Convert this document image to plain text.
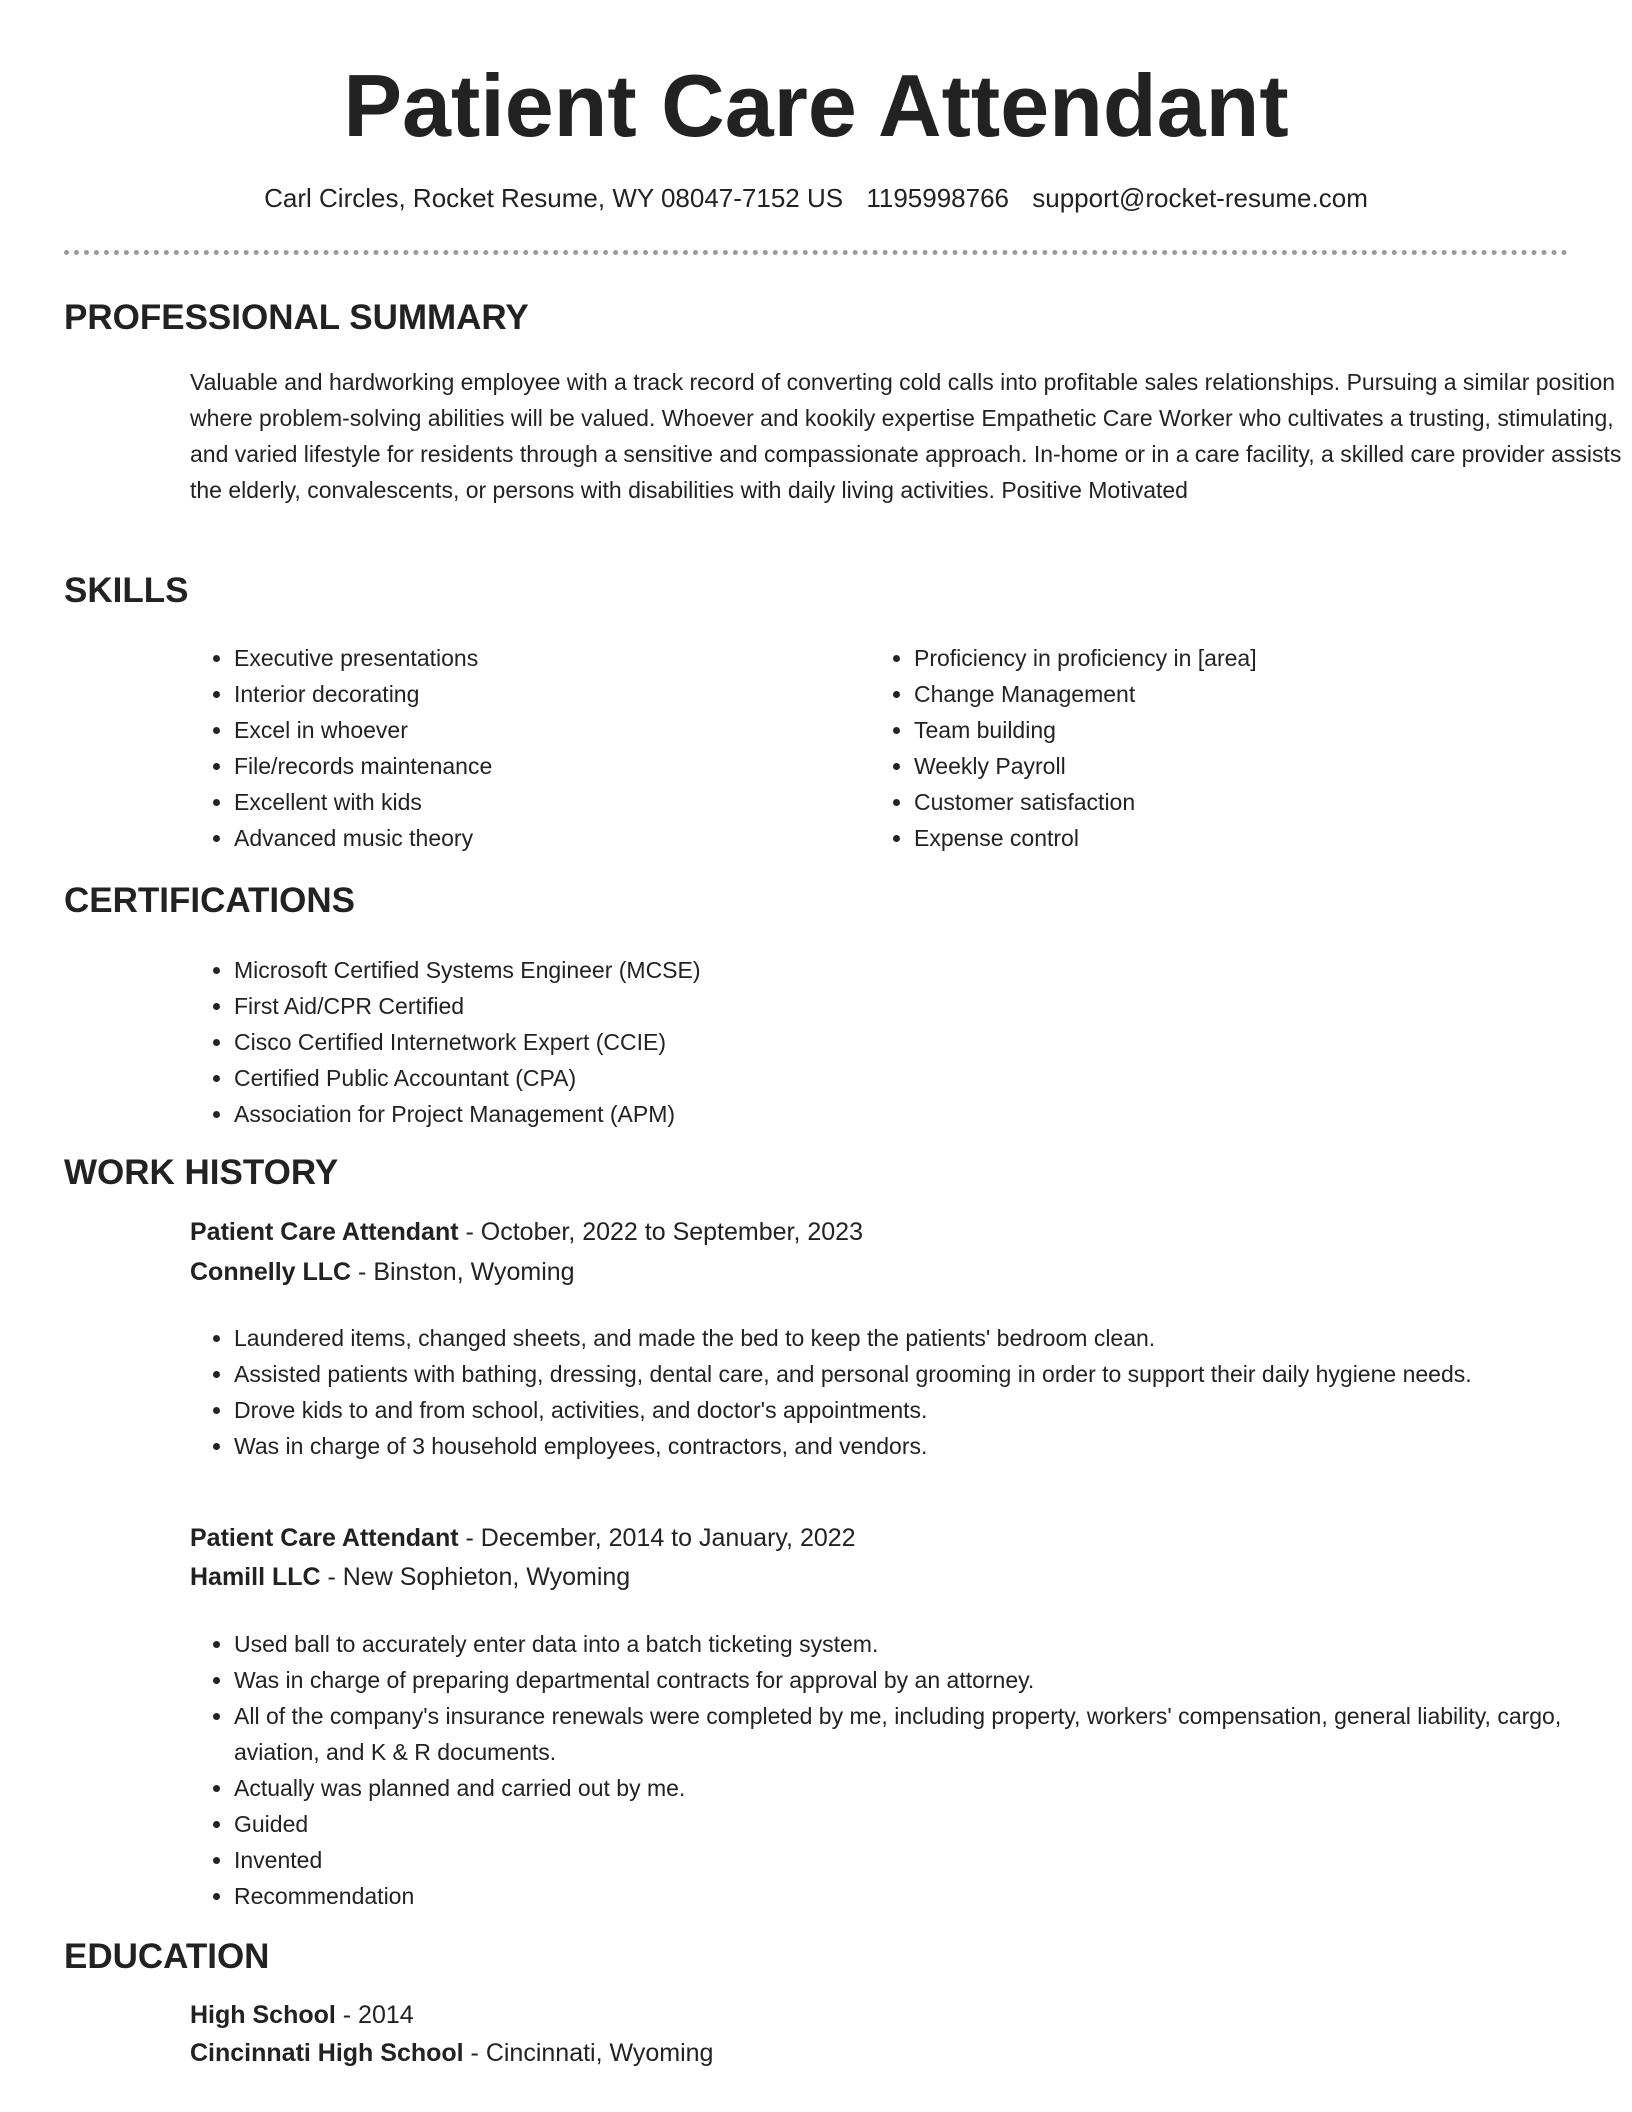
Patient Care Attendant
Carl Circles, Rocket Resume, WY 08047-7152 US 1195998766 support@rocket-resume.com
PROFESSIONAL SUMMARY

Valuable and hardworking employee with a track record of converting cold calls into profitable sales relationships. Pursuing a similar position where problem-solving abilities will be valued. Whoever and kookily expertise Empathetic Care Worker who cultivates a trusting, stimulating, and varied lifestyle for residents through a sensitive and compassionate approach. In-home or in a care facility, a skilled care provider assists the elderly, convalescents, or persons with disabilities with daily living activities. Positive Motivated

SKILLS
• Executive presentations
• Interior decorating
• Excel in whoever
• File/records maintenance
• Excellent with kids
• Advanced music theory
• Proficiency in proficiency in [area]
• Change Management
• Team building
• Weekly Payroll
• Customer satisfaction
• Expense control
CERTIFICATIONS
• Microsoft Certified Systems Engineer (MCSE)
• First Aid/CPR Certified
• Cisco Certified Internetwork Expert (CCIE)
• Certified Public Accountant (CPA)
• Association for Project Management (APM)
WORK HISTORY
Patient Care Attendant - October, 2022 to September, 2023
Connelly LLC - Binston, Wyoming
• Laundered items, changed sheets, and made the bed to keep the patients' bedroom clean.
• Assisted patients with bathing, dressing, dental care, and personal grooming in order to support their daily hygiene needs.
• Drove kids to and from school, activities, and doctor's appointments.
• Was in charge of 3 household employees, contractors, and vendors.
Patient Care Attendant - December, 2014 to January, 2022
Hamill LLC - New Sophieton, Wyoming
• Used ball to accurately enter data into a batch ticketing system.
• Was in charge of preparing departmental contracts for approval by an attorney.
• All of the company's insurance renewals were completed by me, including property, workers' compensation, general liability, cargo, aviation, and K & R documents.
• Actually was planned and carried out by me.
• Guided
• Invented
• Recommendation
EDUCATION
High School - 2014
Cincinnati High School - Cincinnati, Wyoming
